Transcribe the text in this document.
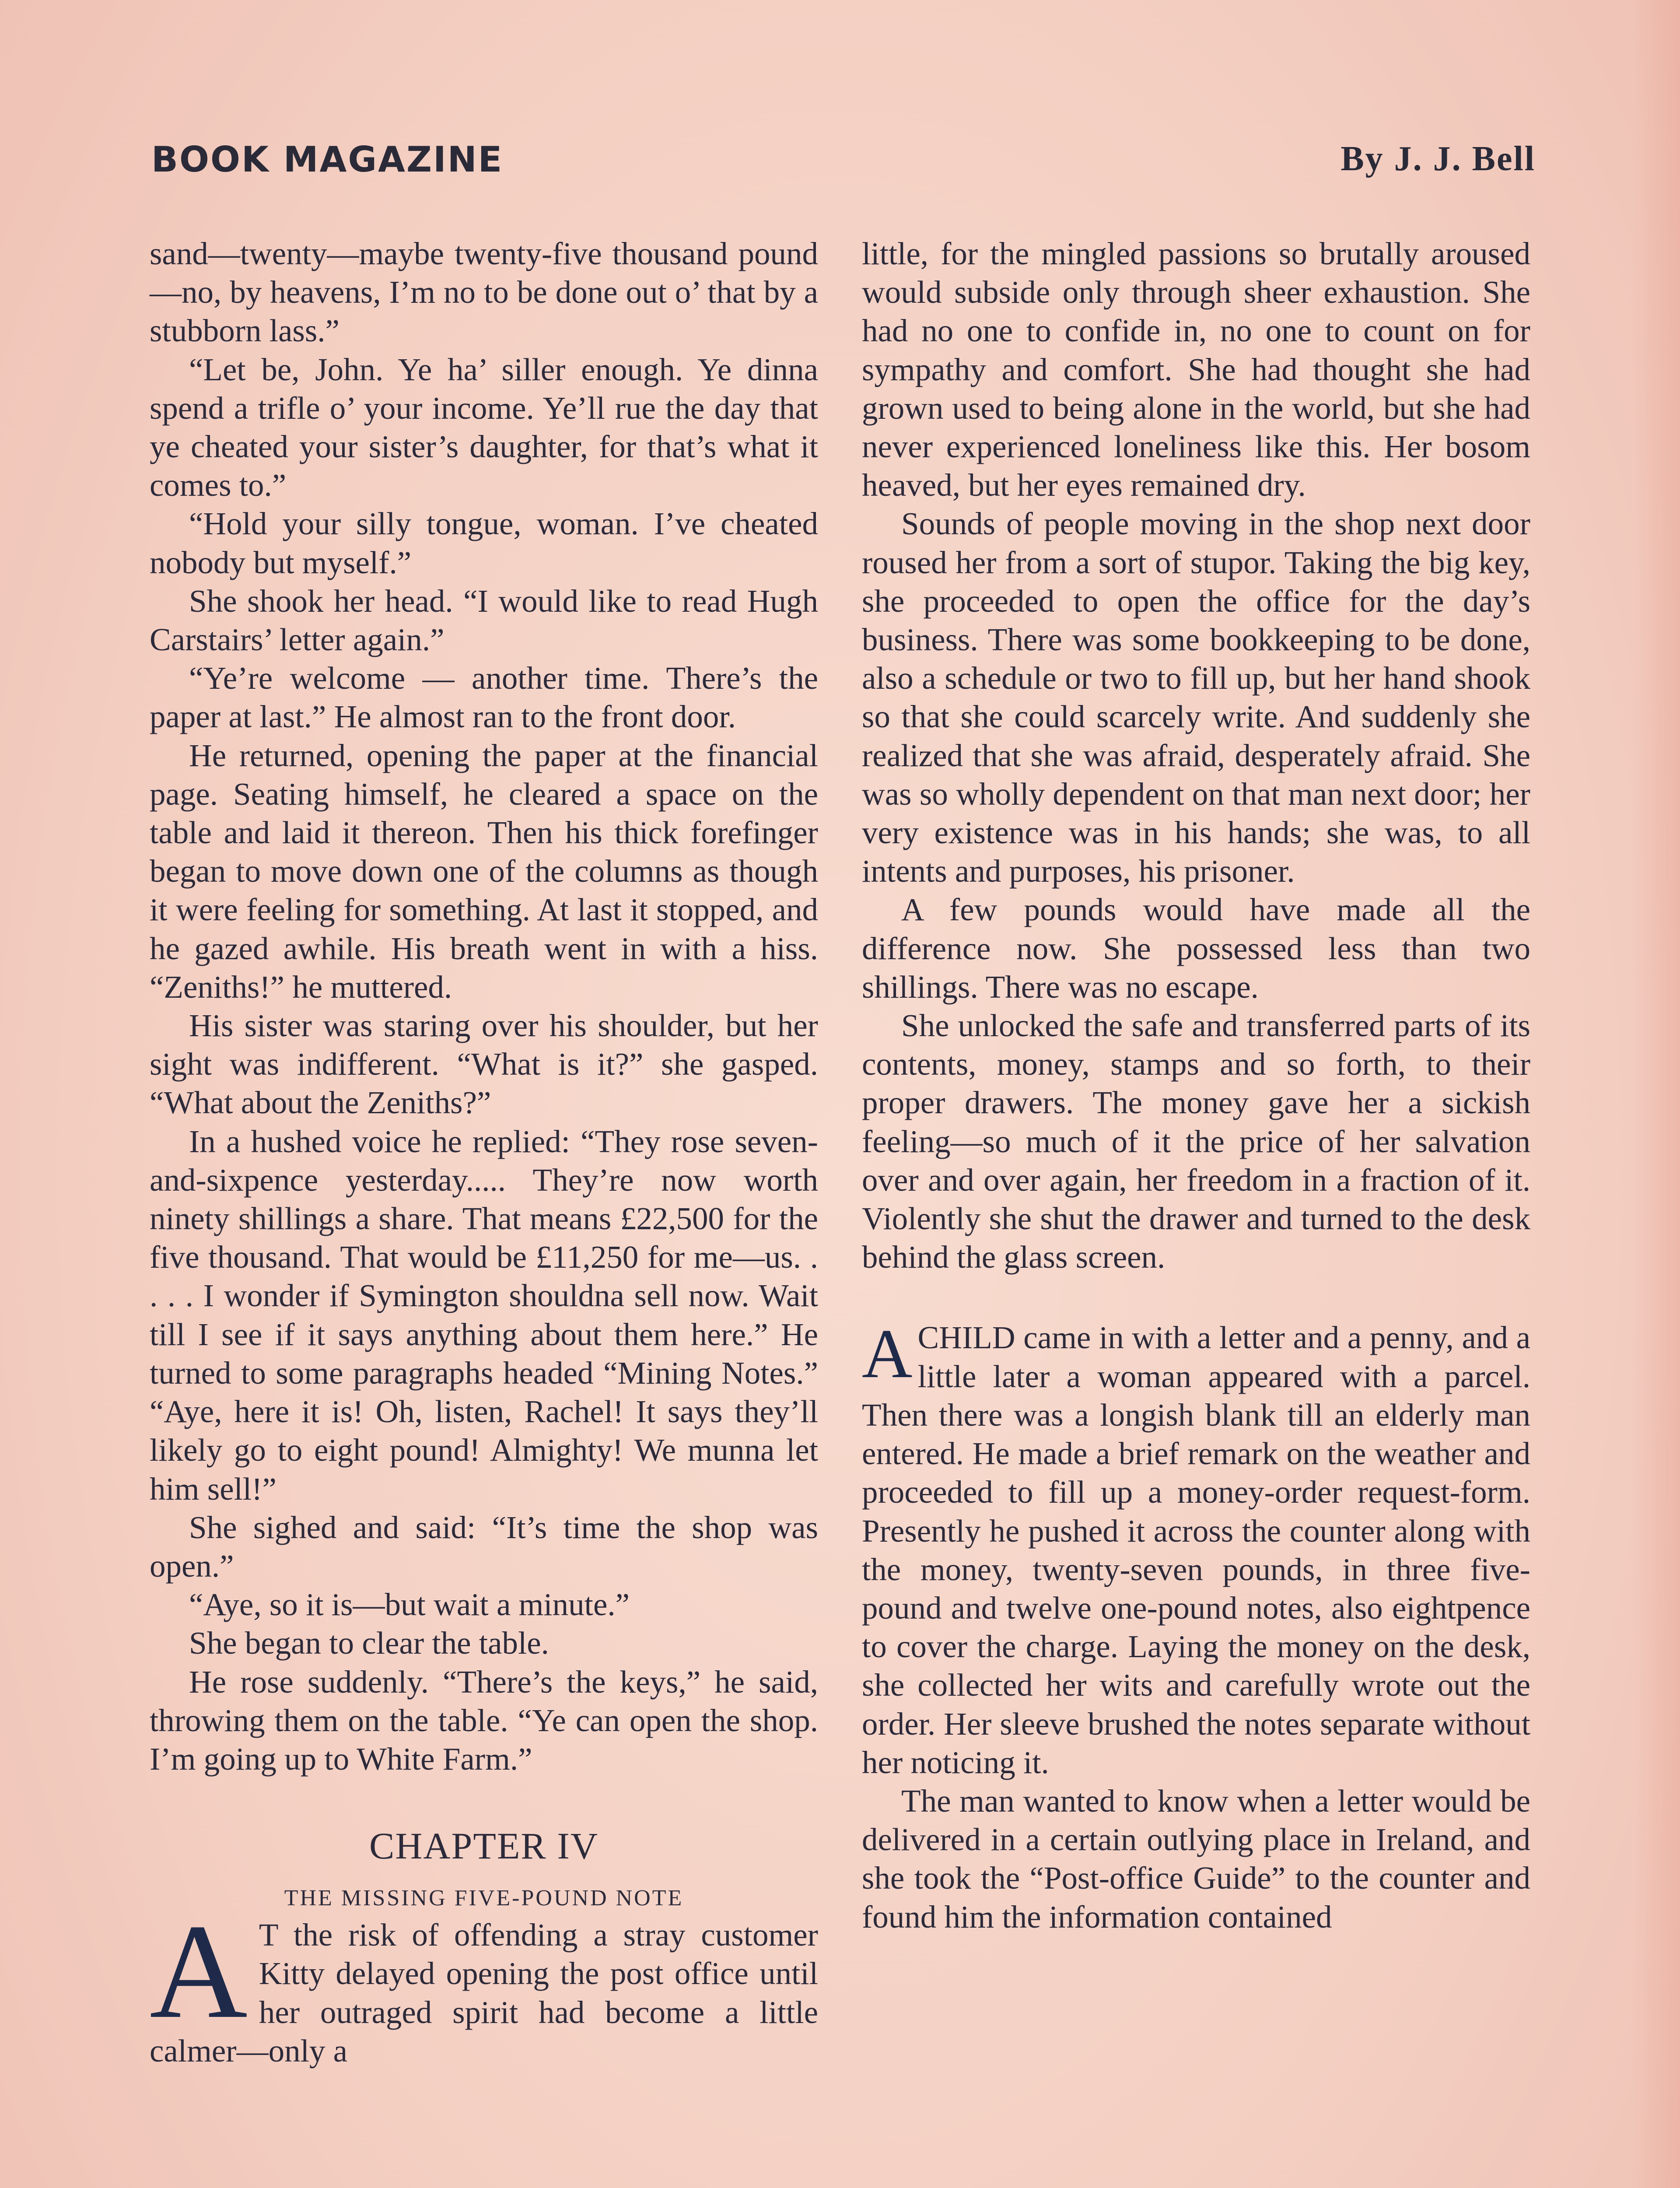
BOOK MAGAZINE	By J. J. Bell

sand—twenty—maybe twenty-five thousand pound—no, by heavens, I’m no to be done out o’ that by a stubborn lass.”

“Let be, John. Ye ha’ siller enough. Ye dinna spend a trifle o’ your income. Ye’ll rue the day that ye cheated your sister’s daughter, for that’s what it comes to.”

“Hold your silly tongue, woman. I’ve cheated nobody but myself.”

She shook her head. “I would like to read Hugh Carstairs’ letter again.”

“Ye’re welcome — another time. There’s the paper at last.” He almost ran to the front door.

He returned, opening the paper at the financial page. Seating himself, he cleared a space on the table and laid it thereon. Then his thick forefinger began to move down one of the columns as though it were feeling for something. At last it stopped, and he gazed awhile. His breath went in with a hiss. “Zeniths!” he muttered.

His sister was staring over his shoulder, but her sight was indifferent. “What is it?” she gasped. “What about the Zeniths?”

In a hushed voice he replied: “They rose seven-and-sixpence yesterday..... They’re now worth ninety shillings a share. That means £22,500 for the five thousand. That would be £11,250 for me—us. . . . . I wonder if Symington shouldna sell now. Wait till I see if it says anything about them here.” He turned to some paragraphs headed “Mining Notes.” “Aye, here it is! Oh, listen, Rachel! It says they’ll likely go to eight pound! Almighty! We munna let him sell!”

She sighed and said: “It’s time the shop was open.”

“Aye, so it is—but wait a minute.”

She began to clear the table.

He rose suddenly. “There’s the keys,” he said, throwing them on the table. “Ye can open the shop. I’m going up to White Farm.”

CHAPTER IV
THE MISSING FIVE-POUND NOTE

A T the risk of offending a stray customer Kitty delayed opening the post office until her outraged spirit had become a little calmer—only a

little, for the mingled passions so brutally aroused would subside only through sheer exhaustion. She had no one to confide in, no one to count on for sympathy and comfort. She had thought she had grown used to being alone in the world, but she had never experienced loneliness like this. Her bosom heaved, but her eyes remained dry.

Sounds of people moving in the shop next door roused her from a sort of stupor. Taking the big key, she proceeded to open the office for the day’s business. There was some bookkeeping to be done, also a schedule or two to fill up, but her hand shook so that she could scarcely write. And suddenly she realized that she was afraid, desperately afraid. She was so wholly dependent on that man next door; her very existence was in his hands; she was, to all intents and purposes, his prisoner.

A few pounds would have made all the difference now. She possessed less than two shillings. There was no escape.

She unlocked the safe and transferred parts of its contents, money, stamps and so forth, to their proper drawers. The money gave her a sickish feeling—so much of it the price of her salvation over and over again, her freedom in a fraction of it. Violently she shut the drawer and turned to the desk behind the glass screen.

ACHILD came in with a letter and a penny, and a little later a woman appeared with a parcel. Then there was a longish blank till an elderly man entered. He made a brief remark on the weather and proceeded to fill up a money-order request-form. Presently he pushed it across the counter along with the money, twenty-seven pounds, in three five-pound and twelve one-pound notes, also eightpence to cover the charge. Laying the money on the desk, she collected her wits and carefully wrote out the order. Her sleeve brushed the notes separate without her noticing it.

The man wanted to know when a letter would be delivered in a certain outlying place in Ireland, and she took the “Post-office Guide” to the counter and found him the information contained
